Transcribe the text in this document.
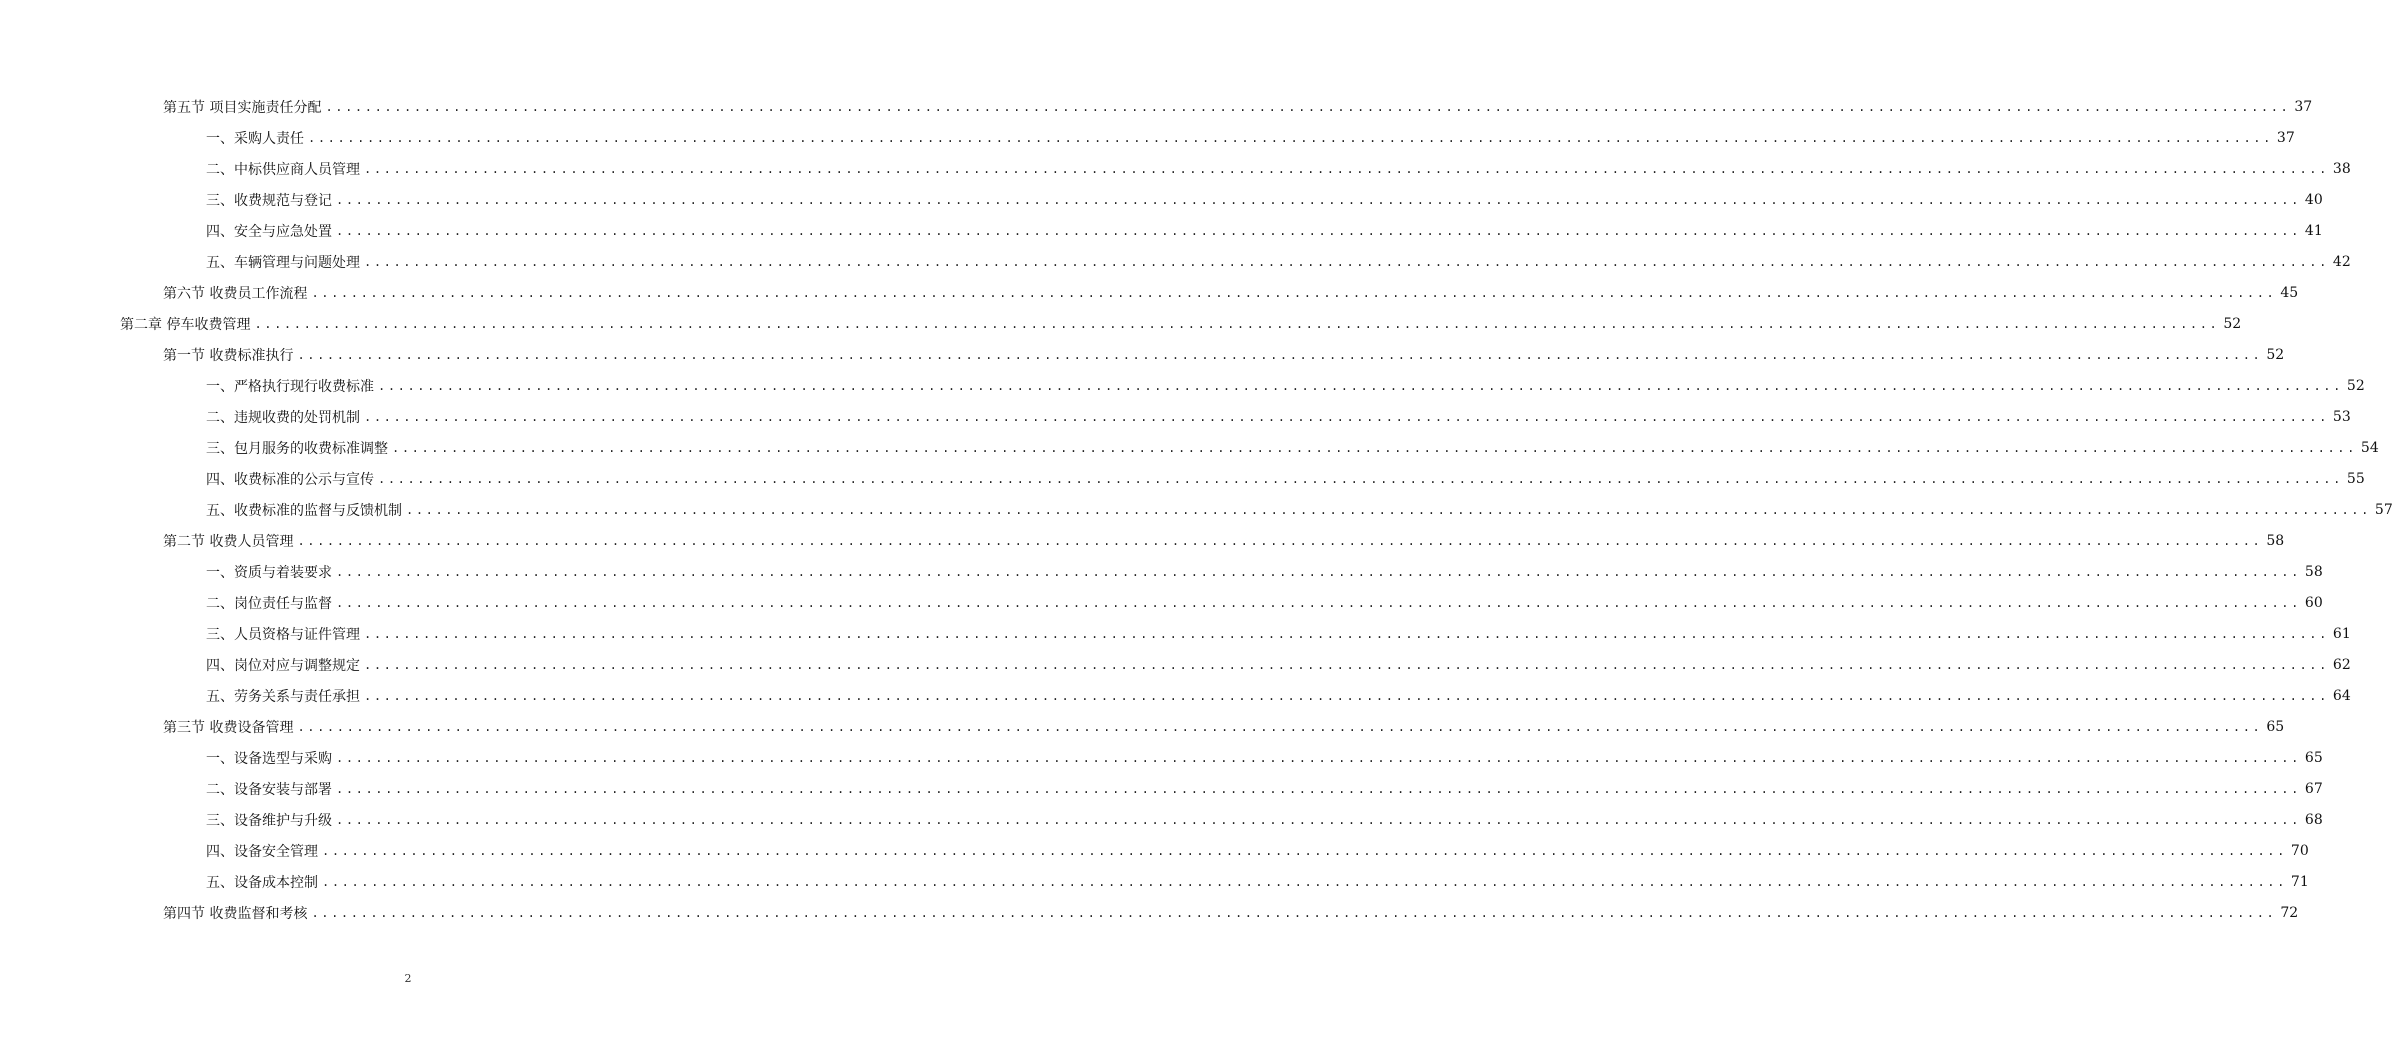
第五节 项目实施责任分配 ........................................................................................................................................................................................................ 37
一、采购人责任 ........................................................................................................................................................................................................ 37
二、中标供应商人员管理 ........................................................................................................................................................................................................ 38
三、收费规范与登记 ........................................................................................................................................................................................................ 40
四、安全与应急处置 ........................................................................................................................................................................................................ 41
五、车辆管理与问题处理 ........................................................................................................................................................................................................ 42
第六节 收费员工作流程 ........................................................................................................................................................................................................ 45
第二章 停车收费管理 ........................................................................................................................................................................................................ 52
第一节 收费标准执行 ........................................................................................................................................................................................................ 52
一、严格执行现行收费标准 ........................................................................................................................................................................................................ 52
二、违规收费的处罚机制 ........................................................................................................................................................................................................ 53
三、包月服务的收费标准调整 ........................................................................................................................................................................................................ 54
四、收费标准的公示与宣传 ........................................................................................................................................................................................................ 55
五、收费标准的监督与反馈机制 ........................................................................................................................................................................................................ 57
第二节 收费人员管理 ........................................................................................................................................................................................................ 58
一、资质与着装要求 ........................................................................................................................................................................................................ 58
二、岗位责任与监督 ........................................................................................................................................................................................................ 60
三、人员资格与证件管理 ........................................................................................................................................................................................................ 61
四、岗位对应与调整规定 ........................................................................................................................................................................................................ 62
五、劳务关系与责任承担 ........................................................................................................................................................................................................ 64
第三节 收费设备管理 ........................................................................................................................................................................................................ 65
一、设备选型与采购 ........................................................................................................................................................................................................ 65
二、设备安装与部署 ........................................................................................................................................................................................................ 67
三、设备维护与升级 ........................................................................................................................................................................................................ 68
四、设备安全管理 ........................................................................................................................................................................................................ 70
五、设备成本控制 ........................................................................................................................................................................................................ 71
第四节 收费监督和考核 ........................................................................................................................................................................................................ 72
2
